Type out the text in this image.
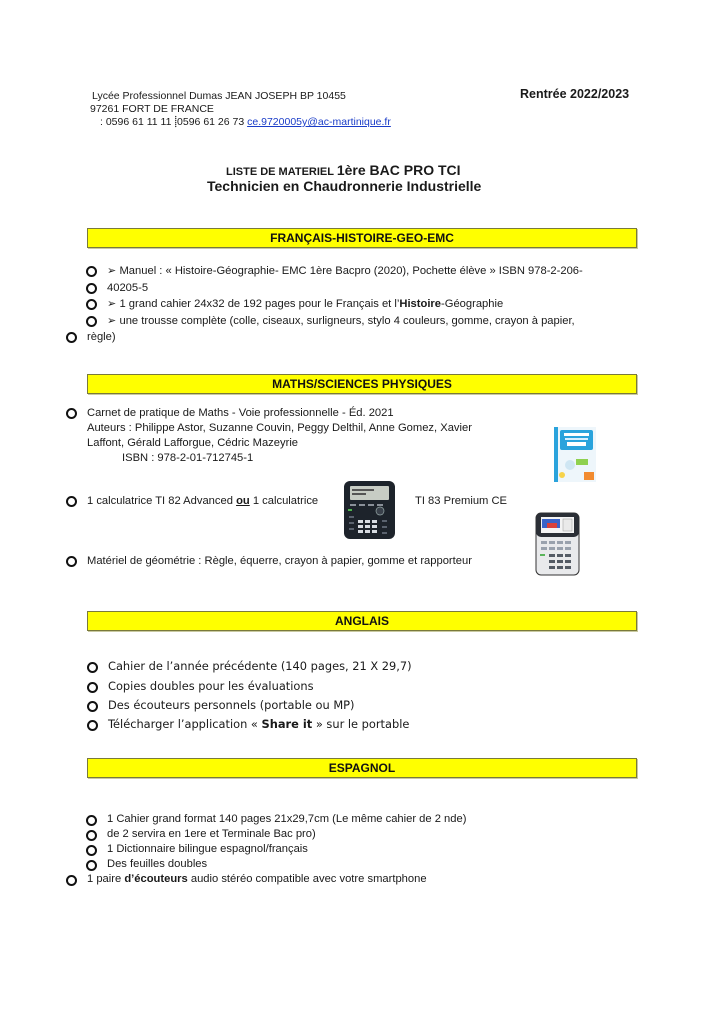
Lycée Professionnel Dumas JEAN JOSEPH BP 10455
97261 FORT DE FRANCE
: 0596 61 11 11 ⸽0596 61 26 73 ce.9720005y@ac-martinique.fr
Rentrée 2022/2023
LISTE DE MATERIEL 1ère BAC PRO TCI
Technicien en Chaudronnerie Industrielle
FRANÇAIS-HISTOIRE-GEO-EMC
➢ Manuel : « Histoire-Géographie- EMC 1ère Bacpro (2020), Pochette élève » ISBN 978-2-206-
40205-5
➢ 1 grand cahier 24x32 de 192 pages pour le Français et l’Histoire-Géographie
➢ une trousse complète (colle, ciseaux, surligneurs, stylo 4 couleurs, gomme, crayon à papier,
règle)
MATHS/SCIENCES PHYSIQUES
Carnet de pratique de Maths - Voie professionnelle - Éd. 2021
Auteurs : Philippe Astor, Suzanne Couvin, Peggy Delthil, Anne Gomez, Xavier
Laffont, Gérald Lafforgue, Cédric Mazeyrie
ISBN : 978-2-01-712745-1
1 calculatrice TI 82 Advanced ou 1 calculatrice	TI 83 Premium CE
Matériel de géométrie : Règle, équerre, crayon à papier, gomme et rapporteur
ANGLAIS
Cahier de l’année précédente (140 pages, 21 X 29,7)
Copies doubles pour les évaluations
Des écouteurs personnels (portable ou MP)
Télécharger l’application « Share it » sur le portable
ESPAGNOL
1 Cahier grand format 140 pages 21x29,7cm (Le même cahier de 2 nde)
de 2 servira en 1ere et Terminale Bac pro)
1 Dictionnaire bilingue espagnol/français
Des feuilles doubles
1 paire d’écouteurs audio stéréo compatible avec votre smartphone
